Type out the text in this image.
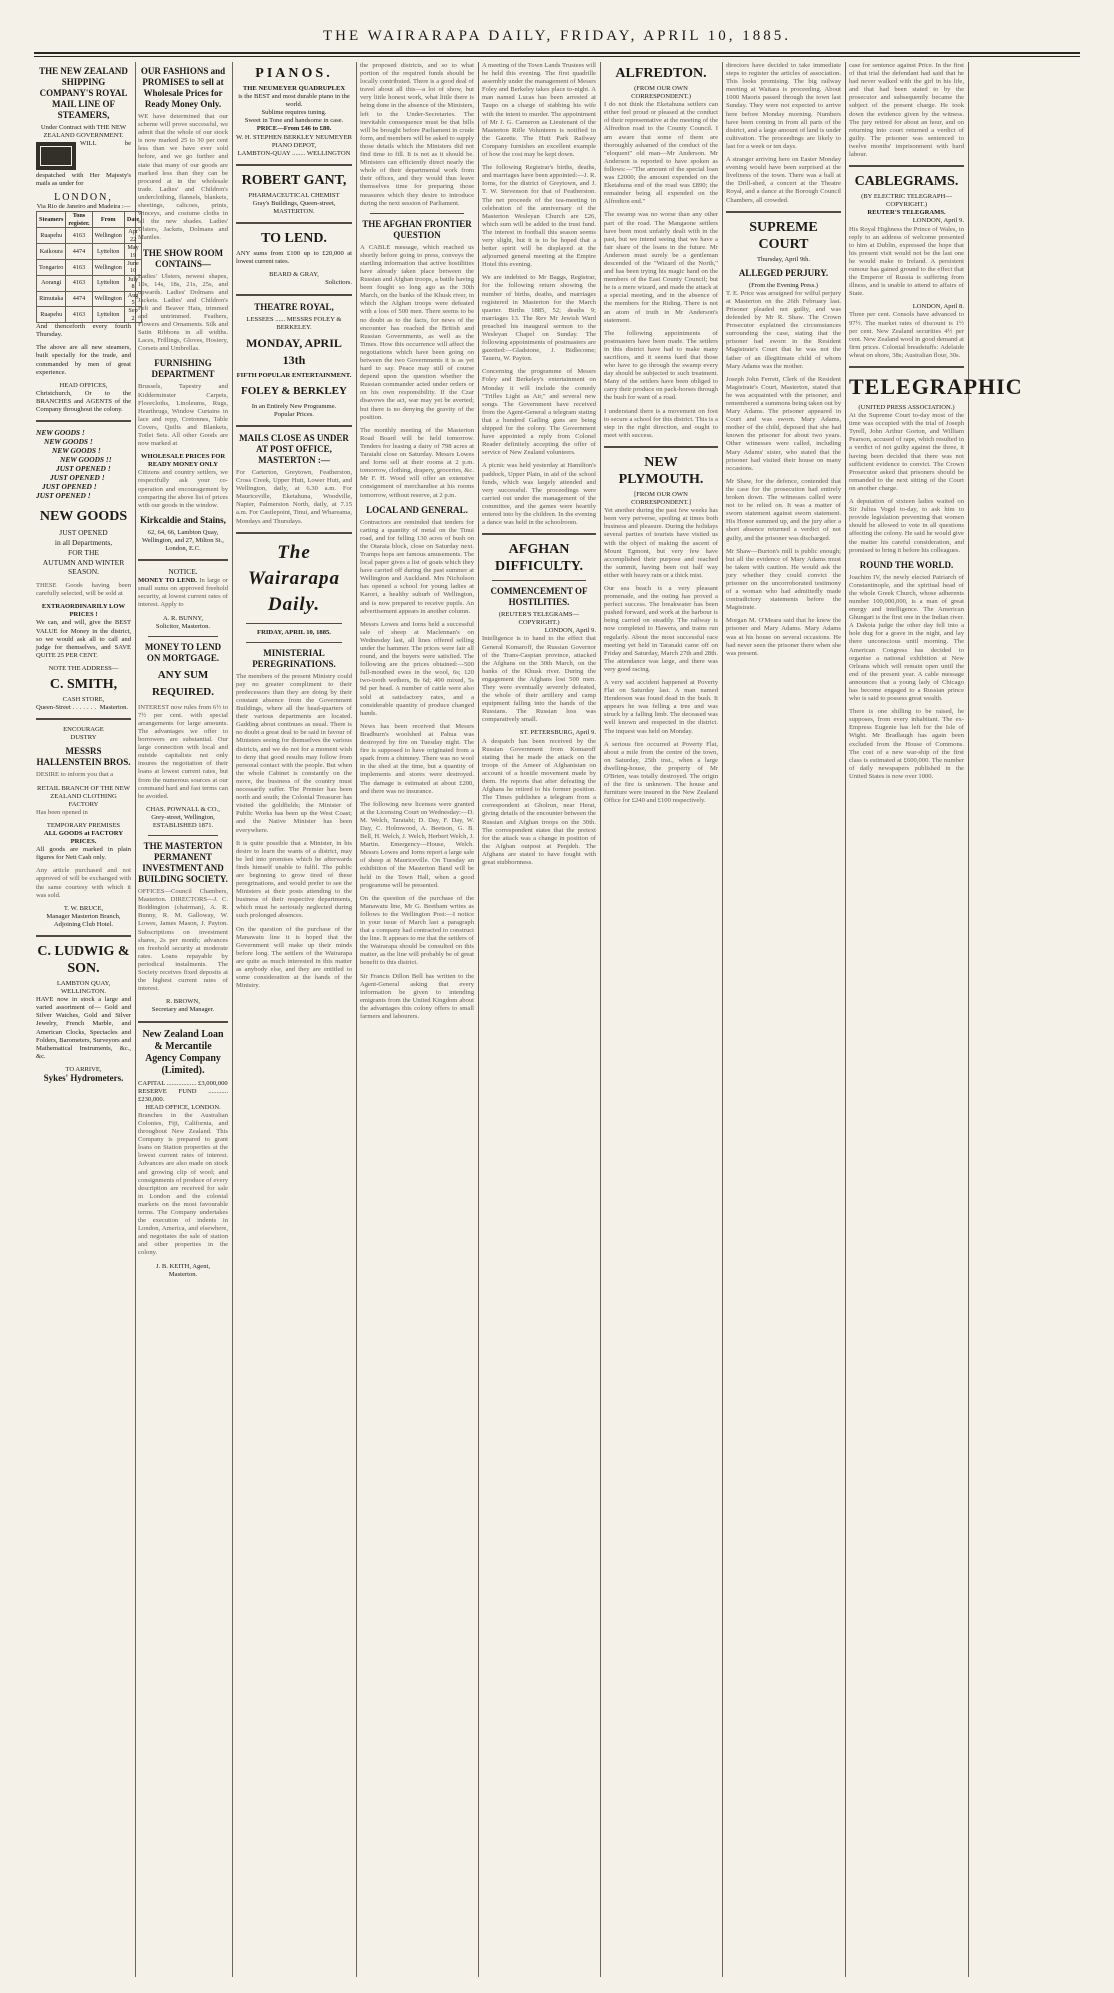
THE WAIRARAPA DAILY, FRIDAY, APRIL 10, 1885.
THE NEW ZEALAND SHIPPING COMPANY'S ROYAL MAIL LINE OF STEAMERS,
Under Contract with THE NEW ZEALAND GOVERNMENT.
WILL be despatched with Her Majesty's mails as under for
LONDON,
Via Rio de Janeiro and Madeira :—
Steamers	Tons register.	From	Date
Ruapehu	4163	Wellington	Apr 22
Kaikoura	4474	Lyttelton	May 19
Tongariro	4163	Wellington	June 10
Aorangi	4163	Lyttelton	July 8
Rimutaka	4474	Wellington	Aug 5
Ruapehu	4163	Lyttelton	Sep 2
And thenceforth every fourth Thursday.
The above are all new steamers, built specially for the trade, and commanded by men of great experience.
HEAD OFFICES,
Christchurch, Or to the BRANCHES and AGENTS of the Company throughout the colony.
NEW GOODS !
NEW GOODS !
NEW GOODS !
NEW GOODS !!
JUST OPENED !
JUST OPENED !
JUST OPENED !
JUST OPENED !
NEW GOODS
JUST OPENED
in all Departments,
FOR THE
AUTUMN AND WINTER SEASON.
THESE Goods having been carefully selected, will be sold at
EXTRAORDINARILY LOW PRICES !
We can, and will, give the BEST VALUE for Money in the district, so we would ask all to call and judge for themselves, and SAVE QUITE 25 PER CENT.
NOTE THE ADDRESS—
C. SMITH,
CASH STORE,
Queen-Street ....... Masterton.
ENCOURAGE
DUSTRY
MESSRS HALLENSTEIN BROS.
DESIRE to inform you that a
RETAIL BRANCH OF THE NEW ZEALAND CLOTHING FACTORY
Has been opened in
TEMPORARY PREMISES
ALL GOODS at FACTORY PRICES.
All goods are marked in plain figures for Nett Cash only.
Any article purchased and not approved of will be exchanged with the same courtesy with which it was sold.
T. W. BRUCE,
Manager Masterton Branch, Adjoining Club Hotel.
C. LUDWIG & SON.
LAMBTON QUAY,
WELLINGTON.
HAVE now in stock a large and varied assortment of— Gold and Silver Watches, Gold and Silver Jewelry, French Marble, and American Clocks, Spectacles and Folders, Barometers, Surveyors and Mathematical Instruments, &c., &c.
TO ARRIVE,
Sykes' Hydrometers.
OUR FASHIONS and PROMISES to sell at Wholesale Prices for Ready Money Only.
WE have determined that our scheme will prove successful, we admit that the whole of our stock is now marked 25 to 30 per cent less than we have ever sold before, and we go further and state that many of our goods are marked less than they can be procured at in the wholesale trade. Ladies' and Children's underclothing, flannels, blankets, sheetings, calicoes, prints, winceys, and costume cloths in all the new shades. Ladies' Ulsters, Jackets, Dolmans and Mantles.
THE SHOW ROOM CONTAINS—
Ladies' Ulsters, newest shapes, 10s, 14s, 18s, 21s, 25s, and upwards. Ladies' Dolmans and Jackets. Ladies' and Children's Felt and Beaver Hats, trimmed and untrimmed. Feathers, Flowers and Ornaments. Silk and Satin Ribbons in all widths. Laces, Frillings, Gloves, Hosiery, Corsets and Umbrellas.
FURNISHING DEPARTMENT
Brussels, Tapestry and Kidderminster Carpets, Floorcloths, Linoleums, Rugs, Hearthrugs, Window Curtains in lace and repp, Cretonnes, Table Covers, Quilts and Blankets, Toilet Sets. All other Goods are now marked at
WHOLESALE PRICES FOR READY MONEY ONLY
Citizens and country settlers, we respectfully ask your co-operation and encouragement by comparing the above list of prices with our goods in the window.
Kirkcaldie and Stains,
62, 64, 66, Lambton Quay, Wellington, and 27, Milton St., London, E.C.
NOTICE.
MONEY TO LEND. In large or small sums on approved freehold security, at lowest current rates of interest. Apply to
A. R. BUNNY,
Solicitor, Masterton.
MONEY TO LEND ON MORTGAGE.
ANY SUM REQUIRED.
INTEREST now rules from 6½ to 7½ per cent. with special arrangements for large amounts. The advantages we offer to borrowers are substantial. Our large connection with local and outside capitalists not only insures the negotiation of their loans at lowest current rates, but from the numerous sources at our command hard and fast terms can be avoided.
CHAS. POWNALL & CO.,
Grey-street, Wellington, ESTABLISHED 1871.
THE MASTERTON PERMANENT INVESTMENT AND BUILDING SOCIETY.
OFFICES—Council Chambers, Masterton. DIRECTORS—J. C. Boddington (chairman), A. R. Bunny, R. M. Galloway, W. Lowes, James Mason, J. Payton. Subscriptions on investment shares, 2s per month; advances on freehold security at moderate rates. Loans repayable by periodical instalments. The Society receives fixed deposits at the highest current rates of interest.
R. BROWN,
Secretary and Manager.
New Zealand Loan & Mercantile Agency Company (Limited).
CAPITAL .................. £3,000,000
RESERVE FUND ............ £230,000.
HEAD OFFICE, LONDON.
Branches in the Australian Colonies, Fiji, California, and throughout New Zealand. This Company is prepared to grant loans on Station properties at the lowest current rates of interest. Advances are also made on stock and growing clip of wool; and consignments of produce of every description are received for sale in London and the colonial markets on the most favourable terms. The Company undertakes the execution of indents in London, America, and elsewhere, and negotiates the sale of station and other properties in the colony.
J. B. KEITH, Agent,
Masterton.
PIANOS.
THE NEUMEYER QUADRUPLEX
is the BEST and most durable piano in the world.
Sublime requires tuning.
Sweet in Tone and handsome in case.
PRICE—From £46 to £80.
W. H. STEPHEN BERKLEY NEUMEYER PIANO DEPOT,
LAMBTON-QUAY ........ WELLINGTON
ROBERT GANT,
PHARMACEUTICAL CHEMIST
Gray's Buildings, Queen-street,
MASTERTON.
TO LEND.
ANY sums from £100 up to £20,000 at lowest current rates.
BEARD & GRAY,
Solicitors.
THEATRE ROYAL,
LESSEES ...... MESSRS FOLEY & BERKELEY.
MONDAY, APRIL 13th
FIFTH POPULAR ENTERTAINMENT.
FOLEY & BERKLEY
In an Entirely New Programme.
Popular Prices.
MAILS CLOSE AS UNDER AT POST OFFICE, MASTERTON :—
For Carterton, Greytown, Featherston, Cross Creek, Upper Hutt, Lower Hutt, and Wellington, daily, at 6.30 a.m. For Mauriceville, Eketahuna, Woodville, Napier, Palmerston North, daily, at 7.15 a.m. For Castlepoint, Tinui, and Whareama, Mondays and Thursdays.
The Wairarapa Daily.
FRIDAY, APRIL 10, 1885.
MINISTERIAL PEREGRINATIONS.
The members of the present Ministry could pay no greater compliment to their predecessors than they are doing by their constant absence from the Government Buildings, where all the head-quarters of their various departments are located. Gadding about continues as usual. There is no doubt a great deal to be said in favour of Ministers seeing for themselves the various districts, and we do not for a moment wish to deny that good results may follow from personal contact with the people. But when the whole Cabinet is constantly on the move, the business of the country must necessarily suffer. The Premier has been north and south; the Colonial Treasurer has visited the goldfields; the Minister of Public Works has been up the West Coast; and the Native Minister has been everywhere.
It is quite possible that a Minister, in his desire to learn the wants of a district, may be led into promises which he afterwards finds himself unable to fulfil. The public are beginning to grow tired of these peregrinations, and would prefer to see the Ministers at their posts attending to the business of their respective departments, which must be seriously neglected during such prolonged absences.
On the question of the purchase of the Manawatu line it is hoped that the Government will make up their minds before long. The settlers of the Wairarapa are quite as much interested in this matter as anybody else, and they are entitled to some consideration at the hands of the Ministry.
the proposed districts, and so to what portion of the required funds should be locally contributed. There is a good deal of travel about all this—a lot of show, but very little honest work, what little there is being done in the absence of the Ministers, left to the Under-Secretaries. The inevitable consequence must be that bills will be brought before Parliament in crude form, and members will be asked to supply those details which the Ministers did not find time to fill. It is not as it should be. Ministers can efficiently direct nearly the whole of their departmental work from their offices, and they would thus leave themselves time for preparing those measures which they desire to introduce during the next session of Parliament.
THE AFGHAN FRONTIER QUESTION
A CABLE message, which reached us shortly before going to press, conveys the startling information that active hostilities have already taken place between the Russian and Afghan troops, a battle having been fought so long ago as the 30th March, on the banks of the Khusk river, in which the Afghan troops were defeated with a loss of 500 men. There seems to be no doubt as to the facts, for news of the encounter has reached the British and Russian Governments, as well as the Times. How this occurrence will affect the negotiations which have been going on between the two Governments it is as yet hard to say. Peace may still of course depend upon the question whether the Russian commander acted under orders or on his own responsibility. If the Czar disavows the act, war may yet be averted; but there is no denying the gravity of the position.
The monthly meeting of the Masterton Road Board will be held tomorrow. Tenders for leasing a dairy of 798 acres at Taratahi close on Saturday. Messrs Lowes and Iorns sell at their rooms at 2 p.m. tomorrow, clothing, drapery, groceries, &c. Mr F. H. Wood will offer an extensive consignment of merchandise at his rooms tomorrow, without reserve, at 2 p.m.
LOCAL AND GENERAL.
Contractors are reminded that tenders for carting a quantity of metal on the Tinui road, and for felling 130 acres of bush on the Otaraia block, close on Saturday next. Tramps hops are famous amusements. The local paper gives a list of goats which they have carried off during the past summer at Wellington and Auckland. Mrs Nicholson has opened a school for young ladies at Karori, a healthy suburb of Wellington, and is now prepared to receive pupils. An advertisement appears in another column.
Messrs Lowes and Iorns held a successful sale of sheep at Maclennan's on Wednesday last, all lines offered selling under the hammer. The prices were fair all round, and the buyers were satisfied. The following are the prices obtained:—500 full-mouthed ewes in the wool, 6s; 120 two-tooth wethers, 8s 6d; 400 mixed, 5s 9d per head. A number of cattle were also sold at satisfactory rates, and a considerable quantity of produce changed hands.
News has been received that Messrs Bradburn's woolshed at Pahua was destroyed by fire on Tuesday night. The fire is supposed to have originated from a spark from a chimney. There was no wool in the shed at the time, but a quantity of implements and stores were destroyed. The damage is estimated at about £200, and there was no insurance.
The following new licenses were granted at the Licensing Court on Wednesday:—D. M. Welch, Taratahi; D. Day, F. Day, W. Day, C. Holmwood, A. Beetson, G. B. Bell, H. Welch, J. Welch, Herbert Welch, J. Martin. Emergency—House, Welch. Messrs Lowes and Iorns report a large sale of sheep at Mauriceville. On Tuesday an exhibition of the Masterton Band will be held in the Town Hall, when a good programme will be presented.
On the question of the purchase of the Manawatu line, Mr G. Beetham writes as follows to the Wellington Post:—I notice in your issue of March last a paragraph that a company had contracted to construct the line. It appears to me that the settlers of the Wairarapa should be consulted on this matter, as the line will probably be of great benefit to this district.
Sir Francis Dillon Bell has written to the Agent-General asking that every information be given to intending emigrants from the United Kingdom about the advantages this colony offers to small farmers and labourers.
A meeting of the Town Lands Trustees will be held this evening. The first quadrille assembly under the management of Messrs Foley and Berkeley takes place to-night. A man named Lucas has been arrested at Taupo on a charge of stabbing his wife with the intent to murder. The appointment of Mr J. G. Cameron as Lieutenant of the Masterton Rifle Volunteers is notified in the Gazette. The Hutt Park Railway Company furnishes an excellent example of how the cost may be kept down.
The following Registrar's births, deaths, and marriages have been appointed:—J. R. Iorns, for the district of Greytown, and J. T. W. Stevenson for that of Featherston. The net proceeds of the tea-meeting in celebration of the anniversary of the Masterton Wesleyan Church are £26, which sum will be added to the trust fund. The interest in football this season seems very slight, but it is to be hoped that a better spirit will be displayed at the adjourned general meeting at the Empire Hotel this evening.
We are indebted to Mr Baggs, Registrar, for the following return showing the number of births, deaths, and marriages registered in Masterton for the March quarter. Births 1885, 52; deaths 9; marriages 13. The Rev Mr Jewish Ward preached his inaugural sermon to the Wesleyan Chapel on Sunday. The following appointments of postmasters are gazetted:—Gladstone, J. Bidlecome; Taueru, W. Payton.
Concerning the programme of Messrs Foley and Berkeley's entertainment on Monday it will include the comedy "Trifles Light as Air," and several new songs. The Government have received from the Agent-General a telegram stating that a hundred Gatling guns are being shipped for the colony. The Government have appointed a reply from Colonel Reader definitely accepting the offer of service of New Zealand volunteers.
A picnic was held yesterday at Hamilton's paddock, Upper Plain, in aid of the school funds, which was largely attended and very successful. The proceedings were carried out under the management of the committee, and the games were heartily entered into by the children. In the evening a dance was held in the schoolroom.
AFGHAN DIFFICULTY.
COMMENCEMENT OF HOSTILITIES.
(REUTER'S TELEGRAMS—COPYRIGHT.)
LONDON, April 9.
Intelligence is to hand to the effect that General Komaroff, the Russian Governor of the Trans-Caspian province, attacked the Afghans on the 30th March, on the banks of the Khusk river. During the engagement the Afghans lost 500 men. They were eventually severely defeated, the whole of their artillery and camp equipment falling into the hands of the Russians. The Russian loss was comparatively small.
ST. PETERSBURG, April 9.
A despatch has been received by the Russian Government from Komaroff stating that he made the attack on the troops of the Ameer of Afghanistan on account of a hostile movement made by them. He reports that after defeating the Afghans he retired to his former position. The Times publishes a telegram from a correspondent at Gholrun, near Herat, giving details of the encounter between the Russian and Afghan troops on the 30th. The correspondent states that the pretext for the attack was a change in position of the Afghan outpost at Penjdeh. The Afghans are stated to have fought with great stubbornness.
ALFREDTON.
(FROM OUR OWN CORRESPONDENT.)
I do not think the Eketahuna settlers can either feel proud or pleased at the conduct of their representative at the meeting of the Alfredton road to the County Council. I am aware that some of them are thoroughly ashamed of the conduct of the "eloquent" old man—Mr Anderson. Mr Anderson is reported to have spoken as follows:—"The amount of the special loan was £2000; the amount expended on the Eketahuna end of the road was £890; the remainder being all expended on the Alfredton end."
The swamp was no worse than any other part of the road. The Mangaone settlers have been most unfairly dealt with in the past, but we intend seeing that we have a fair share of the loans in the future. Mr Anderson must surely be a gentleman descended of the "Wizard of the North," and has been trying his magic hand on the members of the East County Council; but he is a mere wizard, and made the attack at a special meeting, and in the absence of the members for the Riding. There is not an atom of truth in Mr Anderson's statement.
The following appointments of postmasters have been made. The settlers in this district have had to make many sacrifices, and it seems hard that those who have to go through the swamp every day should be subjected to such treatment. Many of the settlers have been obliged to carry their produce on pack-horses through the bush for want of a road.
I understand there is a movement on foot to secure a school for this district. This is a step in the right direction, and ought to meet with success.
NEW PLYMOUTH.
[FROM OUR OWN CORRESPONDENT.]
Yet another during the past few weeks has been very perverse, spoiling at times both business and pleasure. During the holidays several parties of tourists have visited us with the object of making the ascent of Mount Egmont, but very few have accomplished their purpose and reached the summit, having been out half way either with heavy rain or a thick mist.
Our sea beach is a very pleasant promenade, and the outing has proved a perfect success. The breakwater has been pushed forward, and work at the harbour is being carried on steadily. The railway is now completed to Hawera, and trains run regularly. About the most successful race meeting yet held in Taranaki came off on Friday and Saturday, March 27th and 28th. The attendance was large, and there was very good racing.
A very sad accident happened at Poverty Flat on Saturday last. A man named Henderson was found dead in the bush. It appears he was felling a tree and was struck by a falling limb. The deceased was well known and respected in the district. The inquest was held on Monday.
A serious fire occurred at Poverty Flat, about a mile from the centre of the town, on Saturday, 25th inst., when a large dwelling-house, the property of Mr O'Brien, was totally destroyed. The origin of the fire is unknown. The house and furniture were insured in the New Zealand Office for £240 and £100 respectively.
directors have decided to take immediate steps to register the articles of association. This looks promising. The big railway meeting at Waitara is proceeding. About 1000 Maoris passed through the town last Sunday. They were not expected to arrive here before Monday morning. Numbers have been coming in from all parts of the district, and a large amount of land is under cultivation. The proceedings are likely to last for a week or ten days.
A stranger arriving here on Easter Monday evening would have been surprised at the liveliness of the town. There was a ball at the Drill-shed, a concert at the Theatre Royal, and a dance at the Borough Council Chambers, all crowded.
SUPREME COURT
Thursday, April 9th.
ALLEGED PERJURY.
(From the Evening Press.)
T. E. Price was arraigned for wilful perjury at Masterton on the 26th February last. Prisoner pleaded not guilty, and was defended by Mr R. Shaw. The Crown Prosecutor explained the circumstances surrounding the case, stating that the prisoner had sworn in the Resident Magistrate's Court that he was not the father of an illegitimate child of whom Mary Adams was the mother.
Joseph John Ferrett, Clerk of the Resident Magistrate's Court, Masterton, stated that he was acquainted with the prisoner, and remembered a summons being taken out by Mary Adams. The prisoner appeared in Court and was sworn. Mary Adams, mother of the child, deposed that she had known the prisoner for about two years. Other witnesses were called, including Mary Adams' sister, who stated that the prisoner had visited their house on many occasions.
Mr Shaw, for the defence, contended that the case for the prosecution had entirely broken down. The witnesses called were not to be relied on. It was a matter of sworn statement against sworn statement. His Honor summed up, and the jury after a short absence returned a verdict of not guilty, and the prisoner was discharged.
Mr Shaw—Burton's mill is public enough; but all the evidence of Mary Adams must be taken with caution. He would ask the jury whether they could convict the prisoner on the uncorroborated testimony of a woman who had admittedly made contradictory statements before the Magistrate.
Morgan M. O'Meara said that he knew the prisoner and Mary Adams. Mary Adams was at his house on several occasions. He had never seen the prisoner there when she was present.
case for sentence against Price. In the first of that trial the defendant had said that he had never walked with the girl in his life, and that had been stated to by the prosecutor and subsequently became the subject of the present charge. He took down the evidence given by the witness. The jury retired for about an hour, and on returning into court returned a verdict of guilty. The prisoner was sentenced to twelve months' imprisonment with hard labour.
CABLEGRAMS.
(BY ELECTRIC TELEGRAPH—COPYRIGHT.)
REUTER'S TELEGRAMS.
LONDON, April 9.
His Royal Highness the Prince of Wales, in reply to an address of welcome presented to him at Dublin, expressed the hope that his present visit would not be the last one he would make to Ireland. A persistent rumour has gained ground to the effect that the Emperor of Russia is suffering from illness, and is unable to attend to affairs of State.
LONDON, April 8.
Three per cent. Consols have advanced to 97½. The market rates of discount is 1½ per cent. New Zealand securities 4½ per cent. New Zealand wool in good demand at firm prices. Colonial breadstuffs: Adelaide wheat on shore, 38s; Australian flour, 30s.
TELEGRAPHIC
(UNITED PRESS ASSOCIATION.)
At the Supreme Court to-day most of the time was occupied with the trial of Joseph Tyrell, John Arthur Gorton, and William Pearson, accused of rape, which resulted in a verdict of not guilty against the three, it having been decided that there was not sufficient evidence to convict. The Crown Prosecutor asked that prisoners should be remanded to the next sitting of the Court on another charge.
A deputation of sixteen ladies waited on Sir Julius Vogel to-day, to ask him to provide legislation preventing that women should be allowed to vote in all questions affecting the colony. He said he would give the matter his careful consideration, and promised to bring it before his colleagues.
ROUND THE WORLD.
Joachim IV, the newly elected Patriarch of Constantinople, and the spiritual head of the whole Greek Church, whose adherents number 100,000,000, is a man of great energy and intelligence. The American Ghungari is the first one in the Indian river. A Dakota judge the other day fell into a hole dug for a grave in the night, and lay there unconscious until morning. The American Congress has decided to organise a national exhibition at New Orleans which will remain open until the end of the present year. A cable message announces that a young lady of Chicago has become engaged to a Russian prince who is said to possess great wealth.
There is one shilling to be raised, he supposes, from every inhabitant. The ex-Empress Eugenie has left for the Isle of Wight. Mr Bradlaugh has again been excluded from the House of Commons. The cost of a new war-ship of the first class is estimated at £600,000. The number of daily newspapers published in the United States is now over 1000.
